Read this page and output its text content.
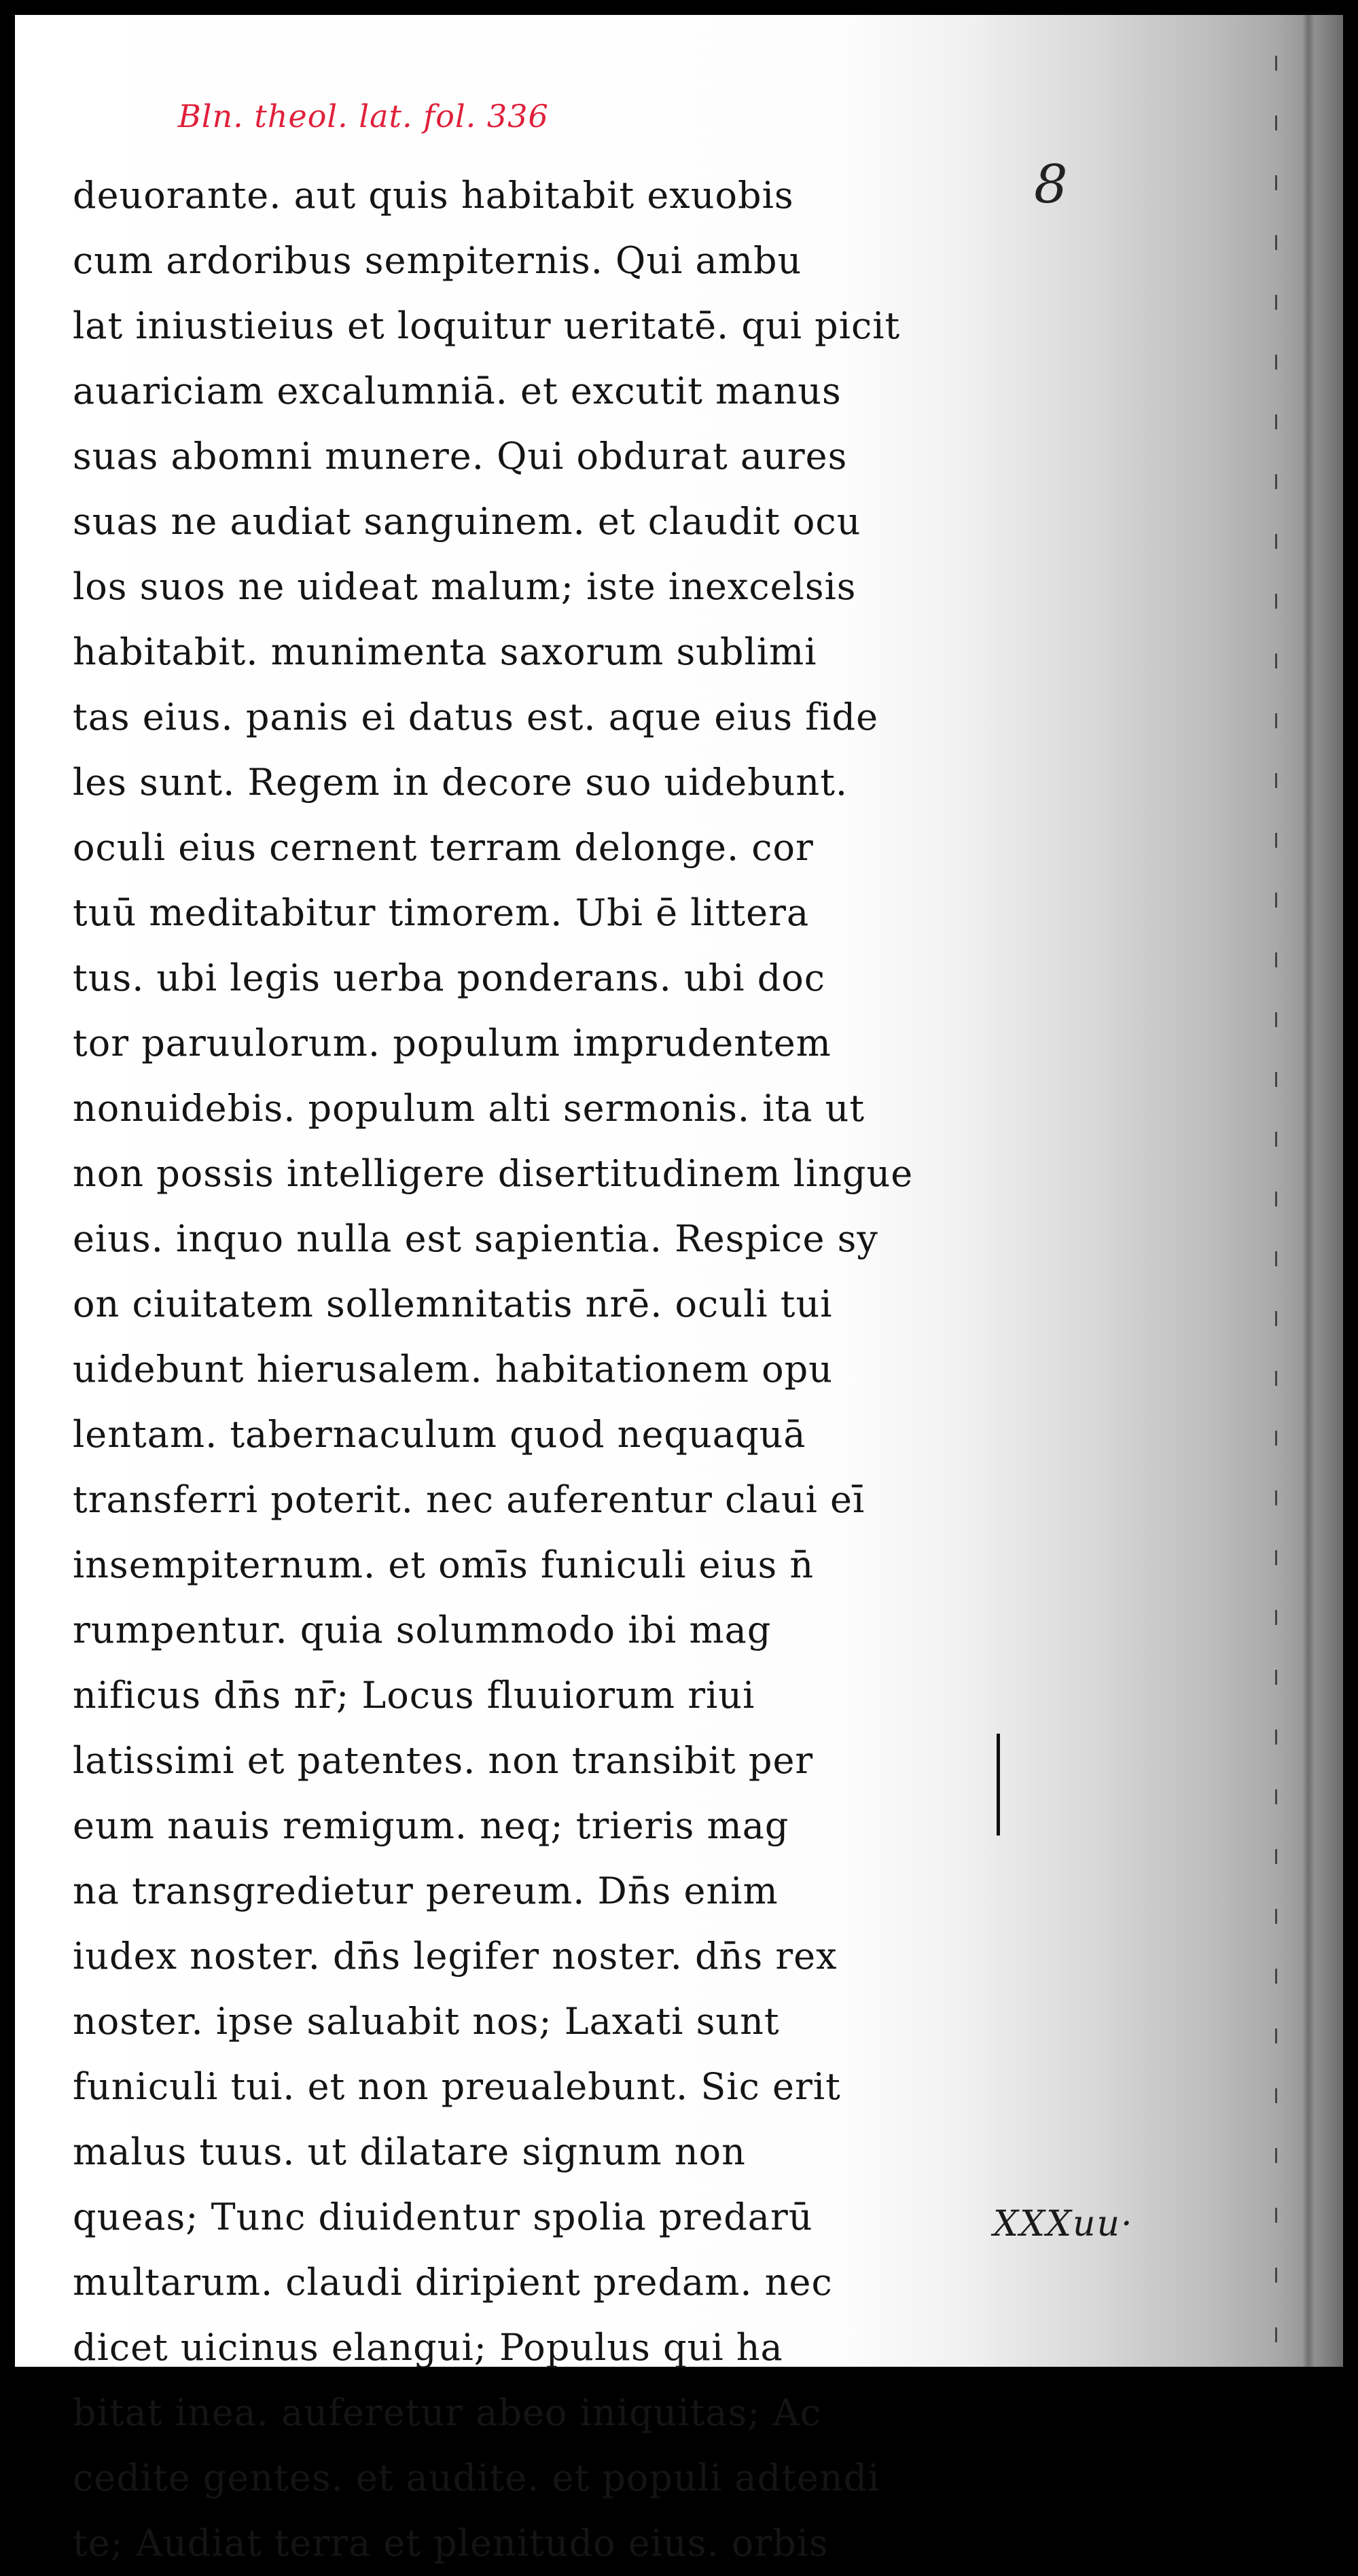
Bln. theol. lat. fol. 336
8
deuorante. aut quis habitabit exuobis
cum ardoribus sempiternis. Qui ambu
lat iniustieius et loquitur ueritatē. qui picit
auariciam excalumniā. et excutit manus
suas abomni munere. Qui obdurat aures
suas ne audiat sanguinem. et claudit ocu
los suos ne uideat malum; iste inexcelsis
habitabit. munimenta saxorum sublimi
tas eius. panis ei datus est. aque eius fide
les sunt. Regem in decore suo uidebunt.
oculi eius cernent terram delonge. cor
tuū meditabitur timorem. Ubi ē littera
tus. ubi legis uerba ponderans. ubi doc
tor paruulorum. populum imprudentem
nonuidebis. populum alti sermonis. ita ut
non possis intelligere disertitudinem lingue
eius. inquo nulla est sapientia. Respice sy
on ciuitatem sollemnitatis nrē. oculi tui
uidebunt hierusalem. habitationem opu
lentam. tabernaculum quod nequaquā
transferri poterit. nec auferentur claui eī
insempiternum. et omīs funiculi eius n̄
rumpentur. quia solummodo ibi mag
nificus dn̄s nr̄; Locus fluuiorum riui
latissimi et patentes. non transibit per
eum nauis remigum. neq; trieris mag
na transgredietur pereum. Dn̄s enim
iudex noster. dn̄s legifer noster. dn̄s rex
noster. ipse saluabit nos; Laxati sunt
funiculi tui. et non preualebunt. Sic erit
malus tuus. ut dilatare signum non
queas; Tunc diuidentur spolia predarū
multarum. claudi diripient predam. nec
dicet uicinus elangui; Populus qui ha
bitat inea. auferetur abeo iniquitas; Ac
cedite gentes. et audite. et populi adtendi
te; Audiat terra et plenitudo eius. orbis
XXXuu·
